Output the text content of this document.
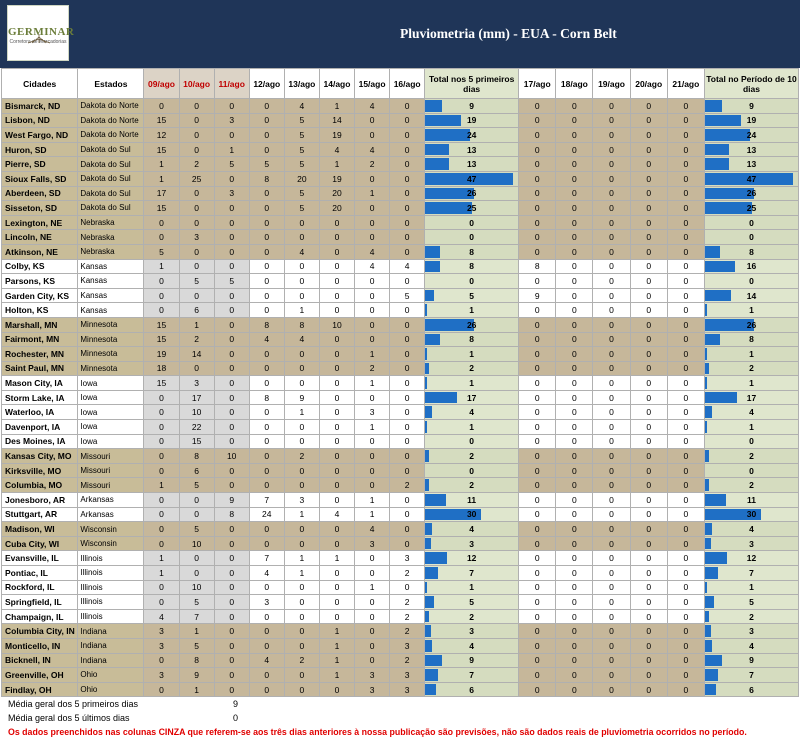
GERMINAR
Corretora de Mercadorias
Pluviometria (mm) - EUA - Corn Belt
Cidades	Estados	09/ago	10/ago	11/ago	12/ago	13/ago	14/ago	15/ago	16/ago	Total nos 5 primeiros dias	17/ago	18/ago	19/ago	20/ago	21/ago	Total no Período de 10 dias
Bismarck, ND	Dakota do Norte	0	0	0	0	4	1	4	0	9	0	0	0	0	0	9
Lisbon, ND	Dakota do Norte	15	0	3	0	5	14	0	0	19	0	0	0	0	0	19
West Fargo, ND	Dakota do Norte	12	0	0	0	5	19	0	0	24	0	0	0	0	0	24
Huron, SD	Dakota do Sul	15	0	1	0	5	4	4	0	13	0	0	0	0	0	13
Pierre, SD	Dakota do Sul	1	2	5	5	5	1	2	0	13	0	0	0	0	0	13
Sioux Falls, SD	Dakota do Sul	1	25	0	8	20	19	0	0	47	0	0	0	0	0	47
Aberdeen, SD	Dakota do Sul	17	0	3	0	5	20	1	0	26	0	0	0	0	0	26
Sisseton, SD	Dakota do Sul	15	0	0	0	5	20	0	0	25	0	0	0	0	0	25
Lexington, NE	Nebraska	0	0	0	0	0	0	0	0	0	0	0	0	0	0	0
Lincoln, NE	Nebraska	0	3	0	0	0	0	0	0	0	0	0	0	0	0	0
Atkinson, NE	Nebraska	5	0	0	0	4	0	4	0	8	0	0	0	0	0	8
Colby, KS	Kansas	1	0	0	0	0	0	4	4	8	8	0	0	0	0	16
Parsons, KS	Kansas	0	5	5	0	0	0	0	0	0	0	0	0	0	0	0
Garden City, KS	Kansas	0	0	0	0	0	0	0	5	5	9	0	0	0	0	14
Holton, KS	Kansas	0	6	0	0	1	0	0	0	1	0	0	0	0	0	1
Marshall, MN	Minnesota	15	1	0	8	8	10	0	0	26	0	0	0	0	0	26
Fairmont, MN	Minnesota	15	2	0	4	4	0	0	0	8	0	0	0	0	0	8
Rochester, MN	Minnesota	19	14	0	0	0	0	1	0	1	0	0	0	0	0	1
Saint Paul, MN	Minnesota	18	0	0	0	0	0	2	0	2	0	0	0	0	0	2
Mason City, IA	Iowa	15	3	0	0	0	0	1	0	1	0	0	0	0	0	1
Storm Lake, IA	Iowa	0	17	0	8	9	0	0	0	17	0	0	0	0	0	17
Waterloo, IA	Iowa	0	10	0	0	1	0	3	0	4	0	0	0	0	0	4
Davenport, IA	Iowa	0	22	0	0	0	0	1	0	1	0	0	0	0	0	1
Des Moines, IA	Iowa	0	15	0	0	0	0	0	0	0	0	0	0	0	0	0
Kansas City, MO	Missouri	0	8	10	0	2	0	0	0	2	0	0	0	0	0	2
Kirksville, MO	Missouri	0	6	0	0	0	0	0	0	0	0	0	0	0	0	0
Columbia, MO	Missouri	1	5	0	0	0	0	0	2	2	0	0	0	0	0	2
Jonesboro, AR	Arkansas	0	0	9	7	3	0	1	0	11	0	0	0	0	0	11
Stuttgart, AR	Arkansas	0	0	8	24	1	4	1	0	30	0	0	0	0	0	30
Madison, WI	Wisconsin	0	5	0	0	0	0	4	0	4	0	0	0	0	0	4
Cuba City, WI	Wisconsin	0	10	0	0	0	0	3	0	3	0	0	0	0	0	3
Evansville, IL	Illinois	1	0	0	7	1	1	0	3	12	0	0	0	0	0	12
Pontiac, IL	Illinois	1	0	0	4	1	0	0	2	7	0	0	0	0	0	7
Rockford, IL	Illinois	0	10	0	0	0	0	1	0	1	0	0	0	0	0	1
Springfield, IL	Illinois	0	5	0	3	0	0	0	2	5	0	0	0	0	0	5
Champaign, IL	Illinois	4	7	0	0	0	0	0	2	2	0	0	0	0	0	2
Columbia City, IN	Indiana	3	1	0	0	0	1	0	2	3	0	0	0	0	0	3
Monticello, IN	Indiana	3	5	0	0	0	1	0	3	4	0	0	0	0	0	4
Bicknell, IN	Indiana	0	8	0	4	2	1	0	2	9	0	0	0	0	0	9
Greenville, OH	Ohio	3	9	0	0	0	1	3	3	7	0	0	0	0	0	7
Findlay, OH	Ohio	0	1	0	0	0	0	3	3	6	0	0	0	0	0	6
Média geral dos 5 primeiros dias	9
Média geral dos 5 últimos dias	0
Os dados preenchidos nas colunas CINZA que referem-se aos três dias anteriores à nossa publicação são previsões, não são dados reais de pluviometria ocorridos no período.
